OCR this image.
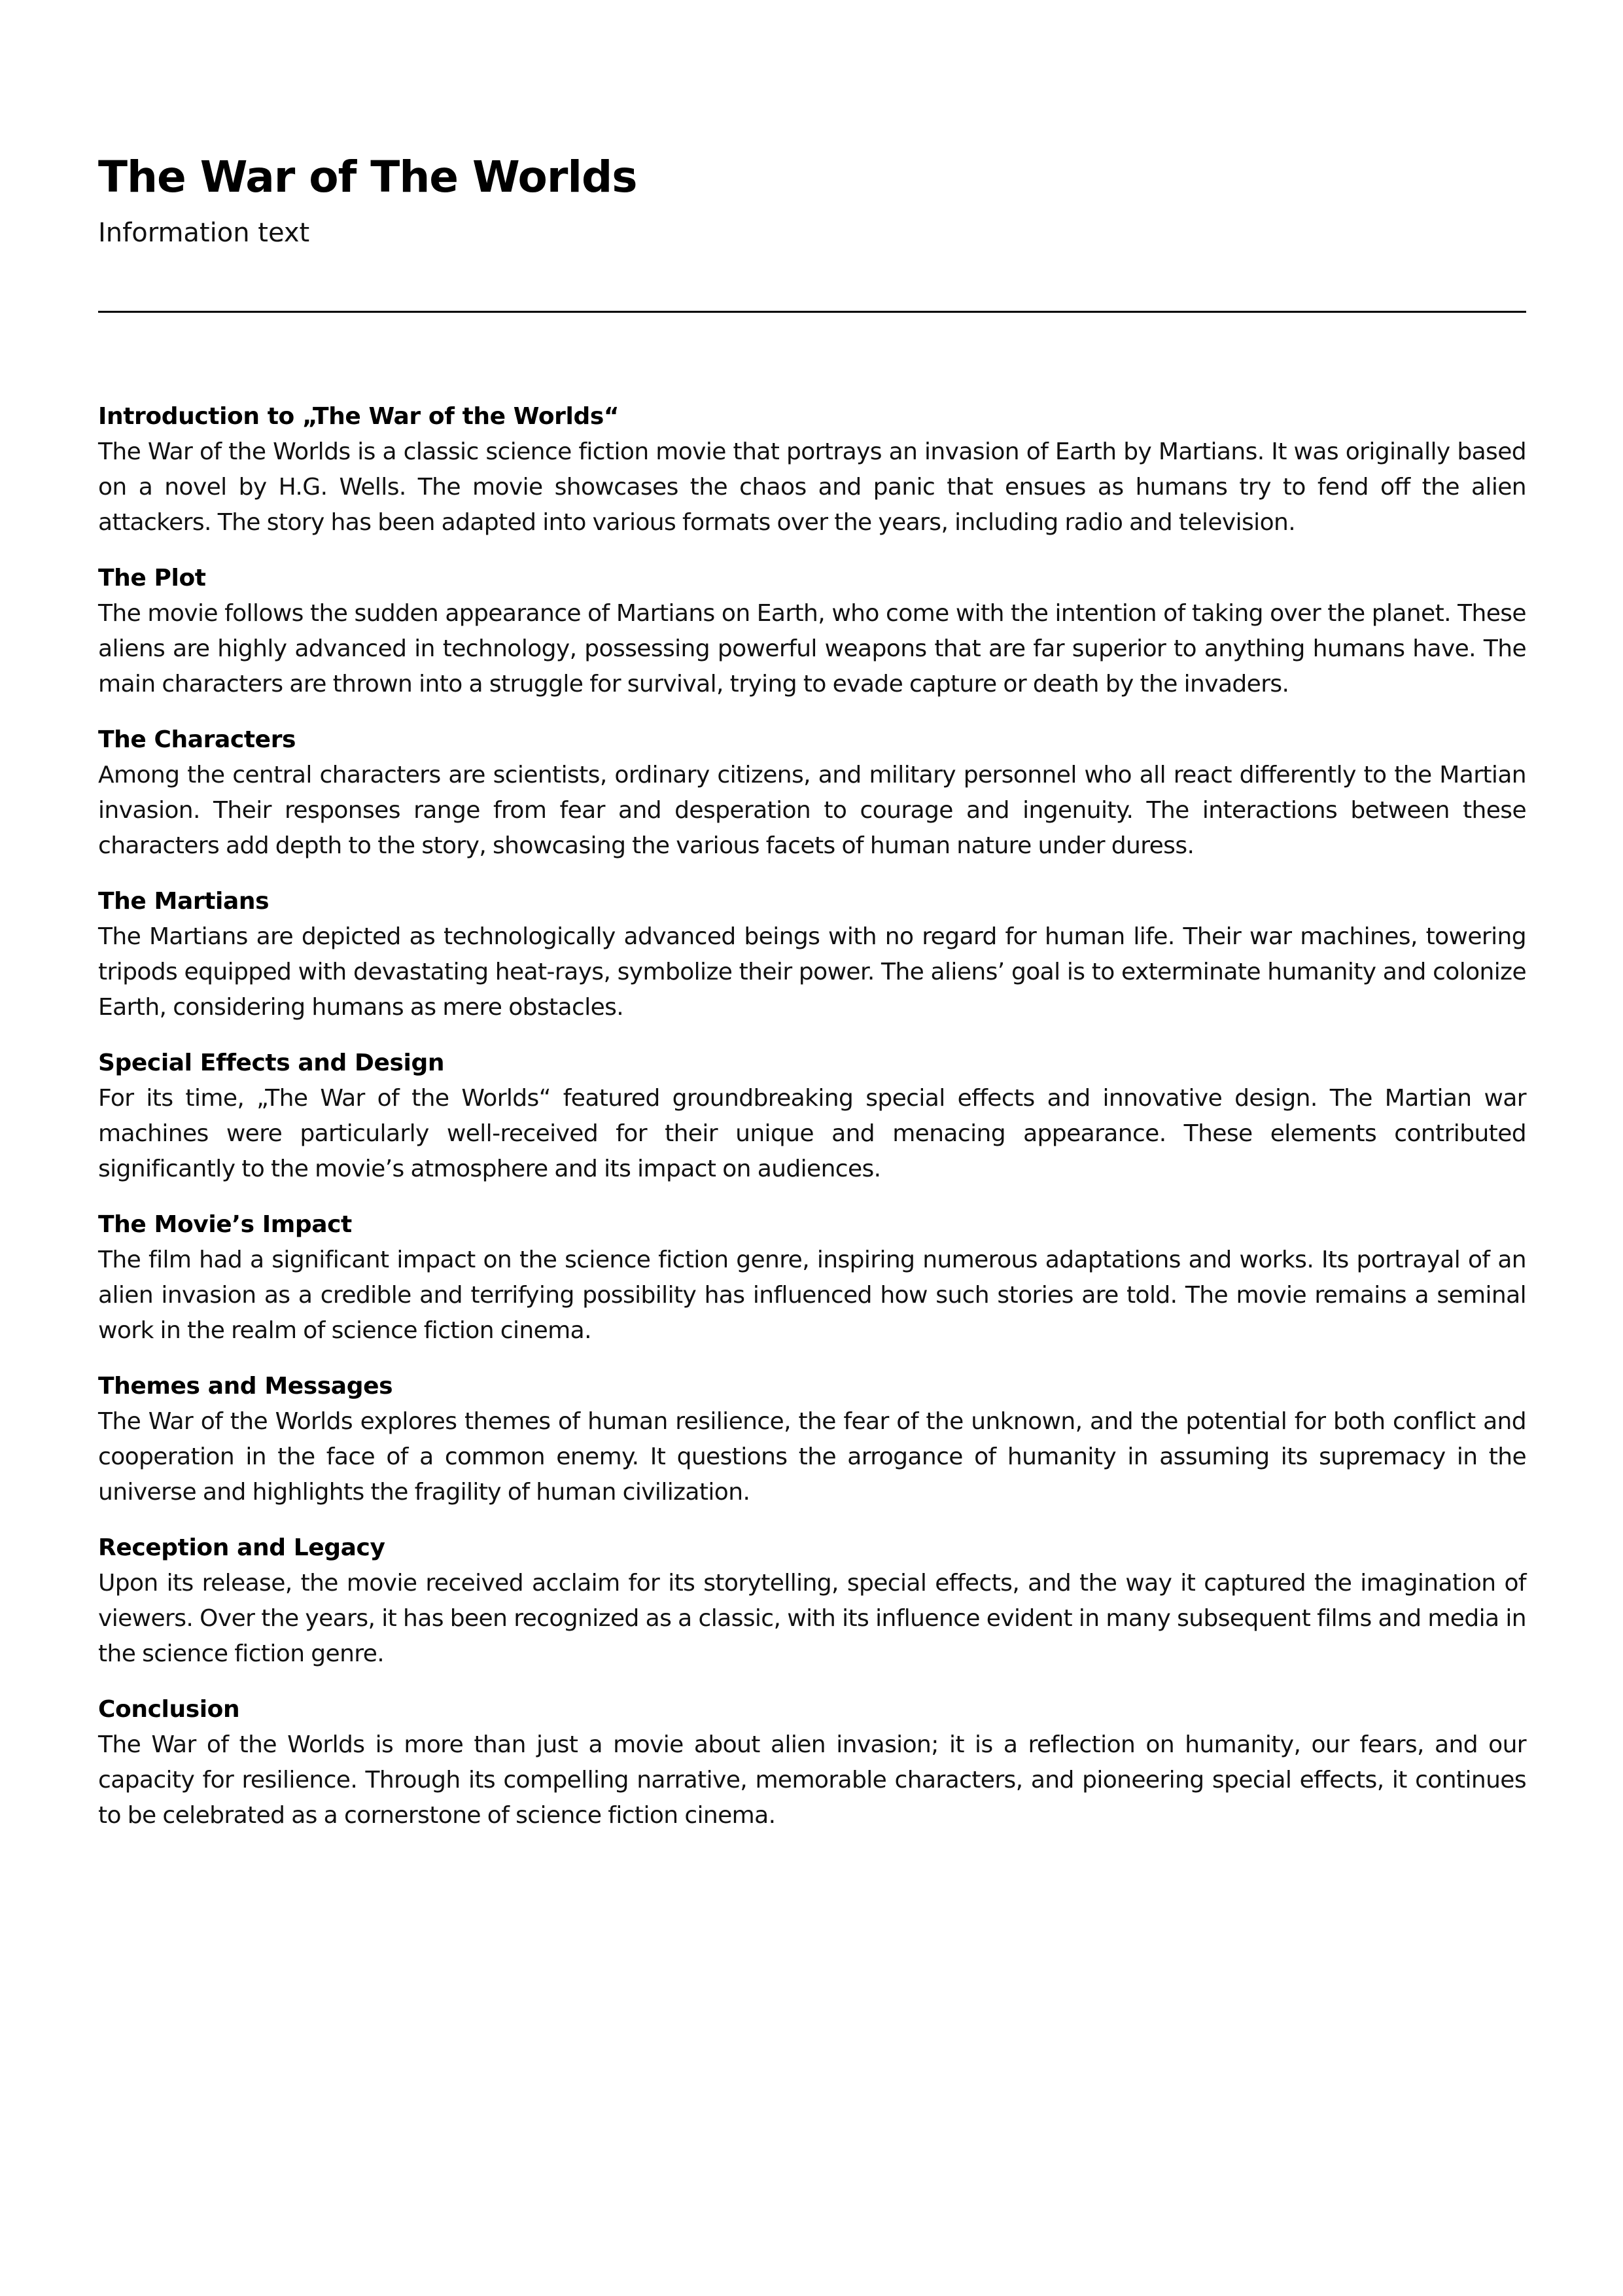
The War of The Worlds
Information text
Introduction to „The War of the Worlds“

The War of the Worlds is a classic science fiction movie that portrays an invasion of Earth by Martians. It was originally based on a novel by H.G. Wells. The movie showcases the chaos and panic that ensues as humans try to fend off the alien attackers. The story has been adapted into various formats over the years, including radio and television.

The Plot

The movie follows the sudden appearance of Martians on Earth, who come with the intention of taking over the planet. These aliens are highly advanced in technology, possessing powerful weapons that are far superior to anything humans have. The main characters are thrown into a struggle for survival, trying to evade capture or death by the invaders.

The Characters

Among the central characters are scientists, ordinary citizens, and military personnel who all react differently to the Martian invasion. Their responses range from fear and desperation to courage and ingenuity. The interactions between these characters add depth to the story, showcasing the various facets of human nature under duress.

The Martians

The Martians are depicted as technologically advanced beings with no regard for human life. Their war machines, towering tripods equipped with devastating heat-rays, symbolize their power. The aliens’ goal is to exterminate humanity and colonize Earth, considering humans as mere obstacles.

Special Effects and Design

For its time, „The War of the Worlds“ featured groundbreaking special effects and innovative design. The Martian war machines were particularly well-received for their unique and menacing appearance. These elements contributed significantly to the movie’s atmosphere and its impact on audiences.

The Movie’s Impact

The film had a significant impact on the science fiction genre, inspiring numerous adaptations and works. Its portrayal of an alien invasion as a credible and terrifying possibility has influenced how such stories are told. The movie remains a seminal work in the realm of science fiction cinema.

Themes and Messages

The War of the Worlds explores themes of human resilience, the fear of the unknown, and the potential for both conflict and cooperation in the face of a common enemy. It questions the arrogance of humanity in assuming its supremacy in the universe and highlights the fragility of human civilization.

Reception and Legacy

Upon its release, the movie received acclaim for its storytelling, special effects, and the way it captured the imagination of viewers. Over the years, it has been recognized as a classic, with its influence evident in many subsequent films and media in the science fiction genre.

Conclusion

The War of the Worlds is more than just a movie about alien invasion; it is a reflection on humanity, our fears, and our capacity for resilience. Through its compelling narrative, memorable characters, and pioneering special effects, it continues to be celebrated as a cornerstone of science fiction cinema.
